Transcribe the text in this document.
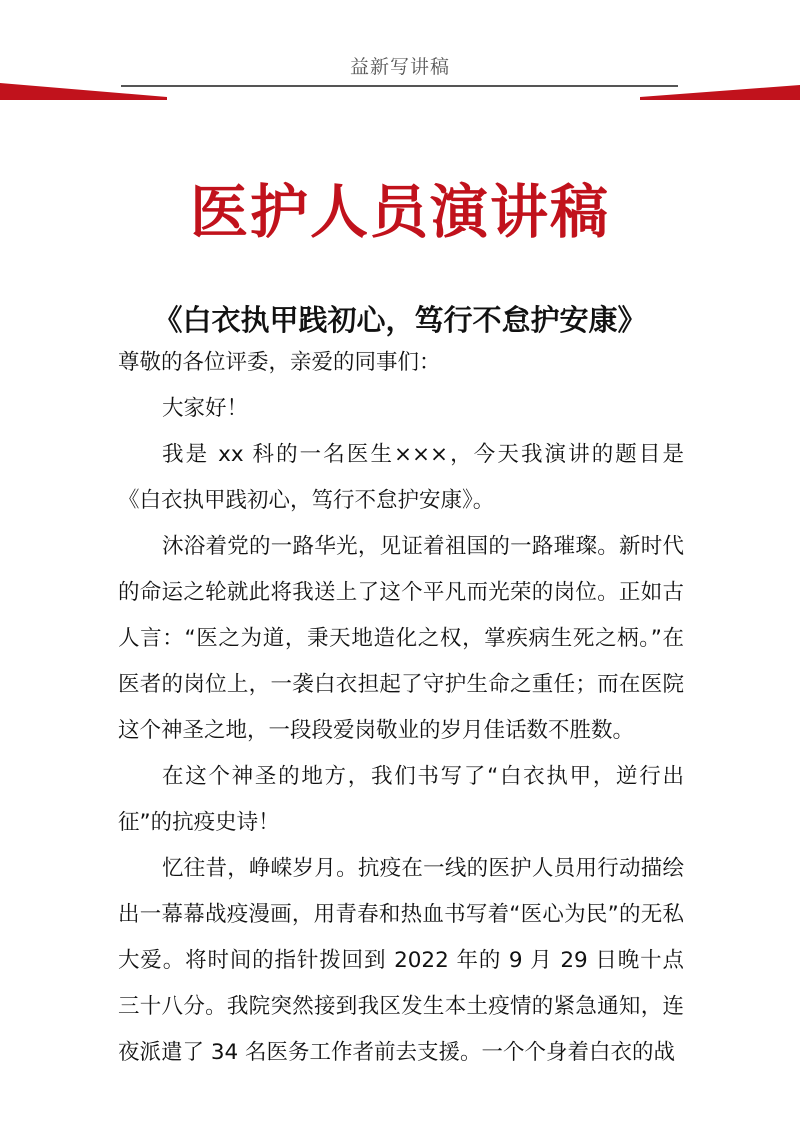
益新写讲稿
医护人员演讲稿
《白衣执甲践初心，笃行不怠护安康》

尊敬的各位评委，亲爱的同事们：

大家好！

我是 xx 科的一名医生×××，今天我演讲的题目是《白衣执甲践初心，笃行不怠护安康》。

沐浴着党的一路华光，见证着祖国的一路璀璨。新时代的命运之轮就此将我送上了这个平凡而光荣的岗位。正如古人言：“医之为道，秉天地造化之权，掌疾病生死之柄。”在医者的岗位上，一袭白衣担起了守护生命之重任；而在医院这个神圣之地，一段段爱岗敬业的岁月佳话数不胜数。

在这个神圣的地方，我们书写了“白衣执甲，逆行出征”的抗疫史诗！

忆往昔，峥嵘岁月。抗疫在一线的医护人员用行动描绘出一幕幕战疫漫画，用青春和热血书写着“医心为民”的无私大爱。将时间的指针拨回到 2022 年的 9 月 29 日晚十点三十八分。我院突然接到我区发生本土疫情的紧急通知，连夜派遣了 34 名医务工作者前去支援。一个个身着白衣的战
